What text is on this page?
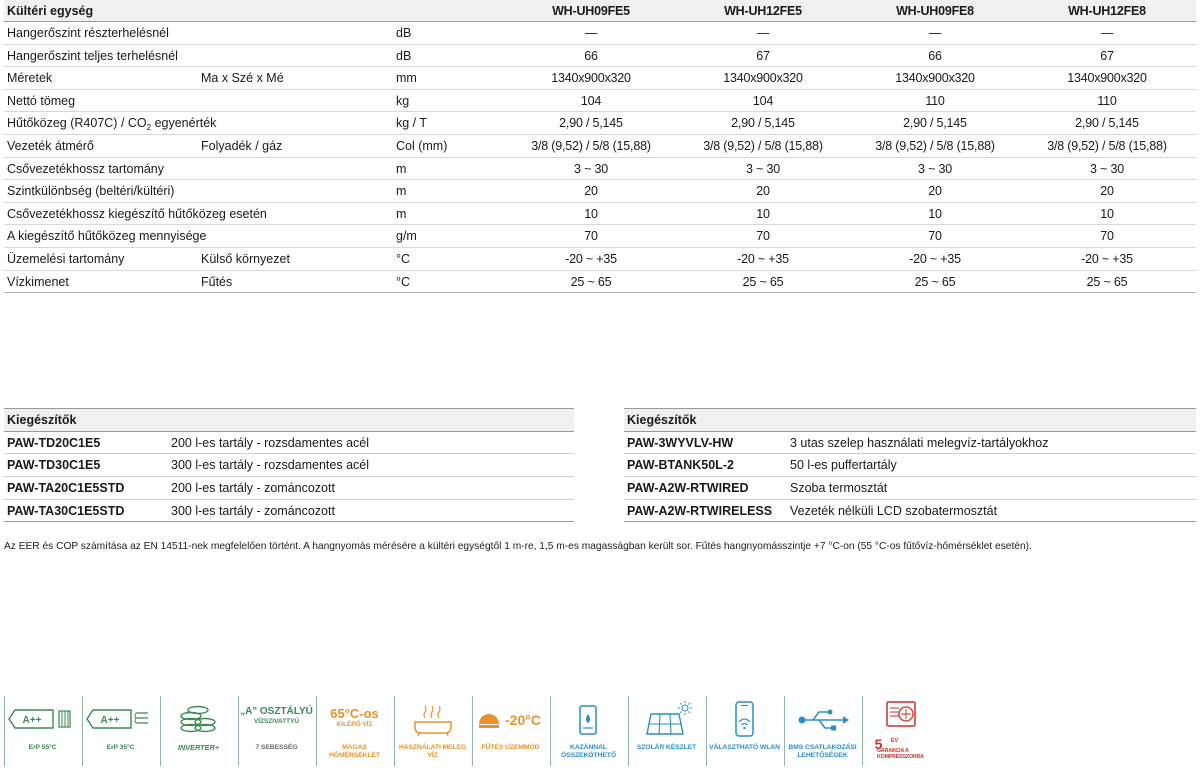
Kültéri egység	WH-UH09FE5	WH-UH12FE5	WH-UH09FE8	WH-UH12FE8
Hangerőszint részterhelésnél	dB	—	—	—	—
Hangerőszint teljes terhelésnél	dB	66	67	66	67
Méretek	Ma x Szé x Mé	mm	1340x900x320	1340x900x320	1340x900x320	1340x900x320
Nettó tömeg	kg	104	104	110	110
Hűtőközeg $(R407C) / CO_2$ egyenérték	kg / T	2,90 / 5,145	2,90 / 5,145	2,90 / 5,145	2,90 / 5,145
Vezeték átmérő	Folyadék / gáz	Col (mm)	3/8 (9,52) / 5/8 (15,88)	3/8 (9,52) / 5/8 (15,88)	3/8 (9,52) / 5/8 (15,88)	3/8 (9,52) / 5/8 (15,88)
Csővezetékhossz tartomány	m	3 ~ 30	3 ~ 30	3 ~ 30	3 ~ 30
Szintkülönbség (beltéri/kültéri)	m	20	20	20	20
Csővezetékhossz kiegészítő hűtőközeg esetén	m	10	10	10	10
A kiegészítő hűtőközeg mennyisége	g/m	70	70	70	70
Üzemelési tartomány	Külső környezet	°C	-20 ~ +35	-20 ~ +35	-20 ~ +35	-20 ~ +35
Vízkimenet	Fűtés	°C	25 ~ 65	25 ~ 65	25 ~ 65	25 ~ 65
Kiegészítők
PAW-TD20C1E5	200 l-es tartály - rozsdamentes acél
PAW-TD30C1E5	300 l-es tartály - rozsdamentes acél
PAW-TA20C1E5STD	200 l-es tartály - zománcozott
PAW-TA30C1E5STD	300 l-es tartály - zománcozott
Kiegészítők
PAW-3WYVLV-HW	3 utas szelep használati melegvíz-tartályokhoz
PAW-BTANK50L-2	50 l-es puffertartály
PAW-A2W-RTWIRED	Szoba termosztát
PAW-A2W-RTWIRELESS Vezeték nélküli LCD szobatermosztát
Az EER és COP számítása az EN 14511-nek megfelelően történt. A hangnyomás mérésére a kültéri egységtől 1 m-re, 1,5 m-es magasságban került sor. Fűtés hangnyomásszintje +7 °C-on (55 °C-os fűtővíz-hőmérséklet esetén).
A++
ErP 55°C
A++
ErP 35°C	INVERTER+
„A" OSZTÁLYÚ
VÍZSZIVATTYÚ
7 SEBESSÉG
65°C-os
KILÉPŐ VÍZ
MAGAS HŐMÉRSÉKLET
HASZNÁLATI MELEG VÍZ
-20°C
FŰTÉS ÜZEMMÓD	KAZÁNNAL ÖSSZEKÖTHETŐ
SZOLÁR KÉSZLET	VÁLASZTHATÓ WLAN	BMS CSATLAKOZÁSI LEHETŐSÉGEK
5	ÉV
GARANCIA A KOMPRESSZORRA
